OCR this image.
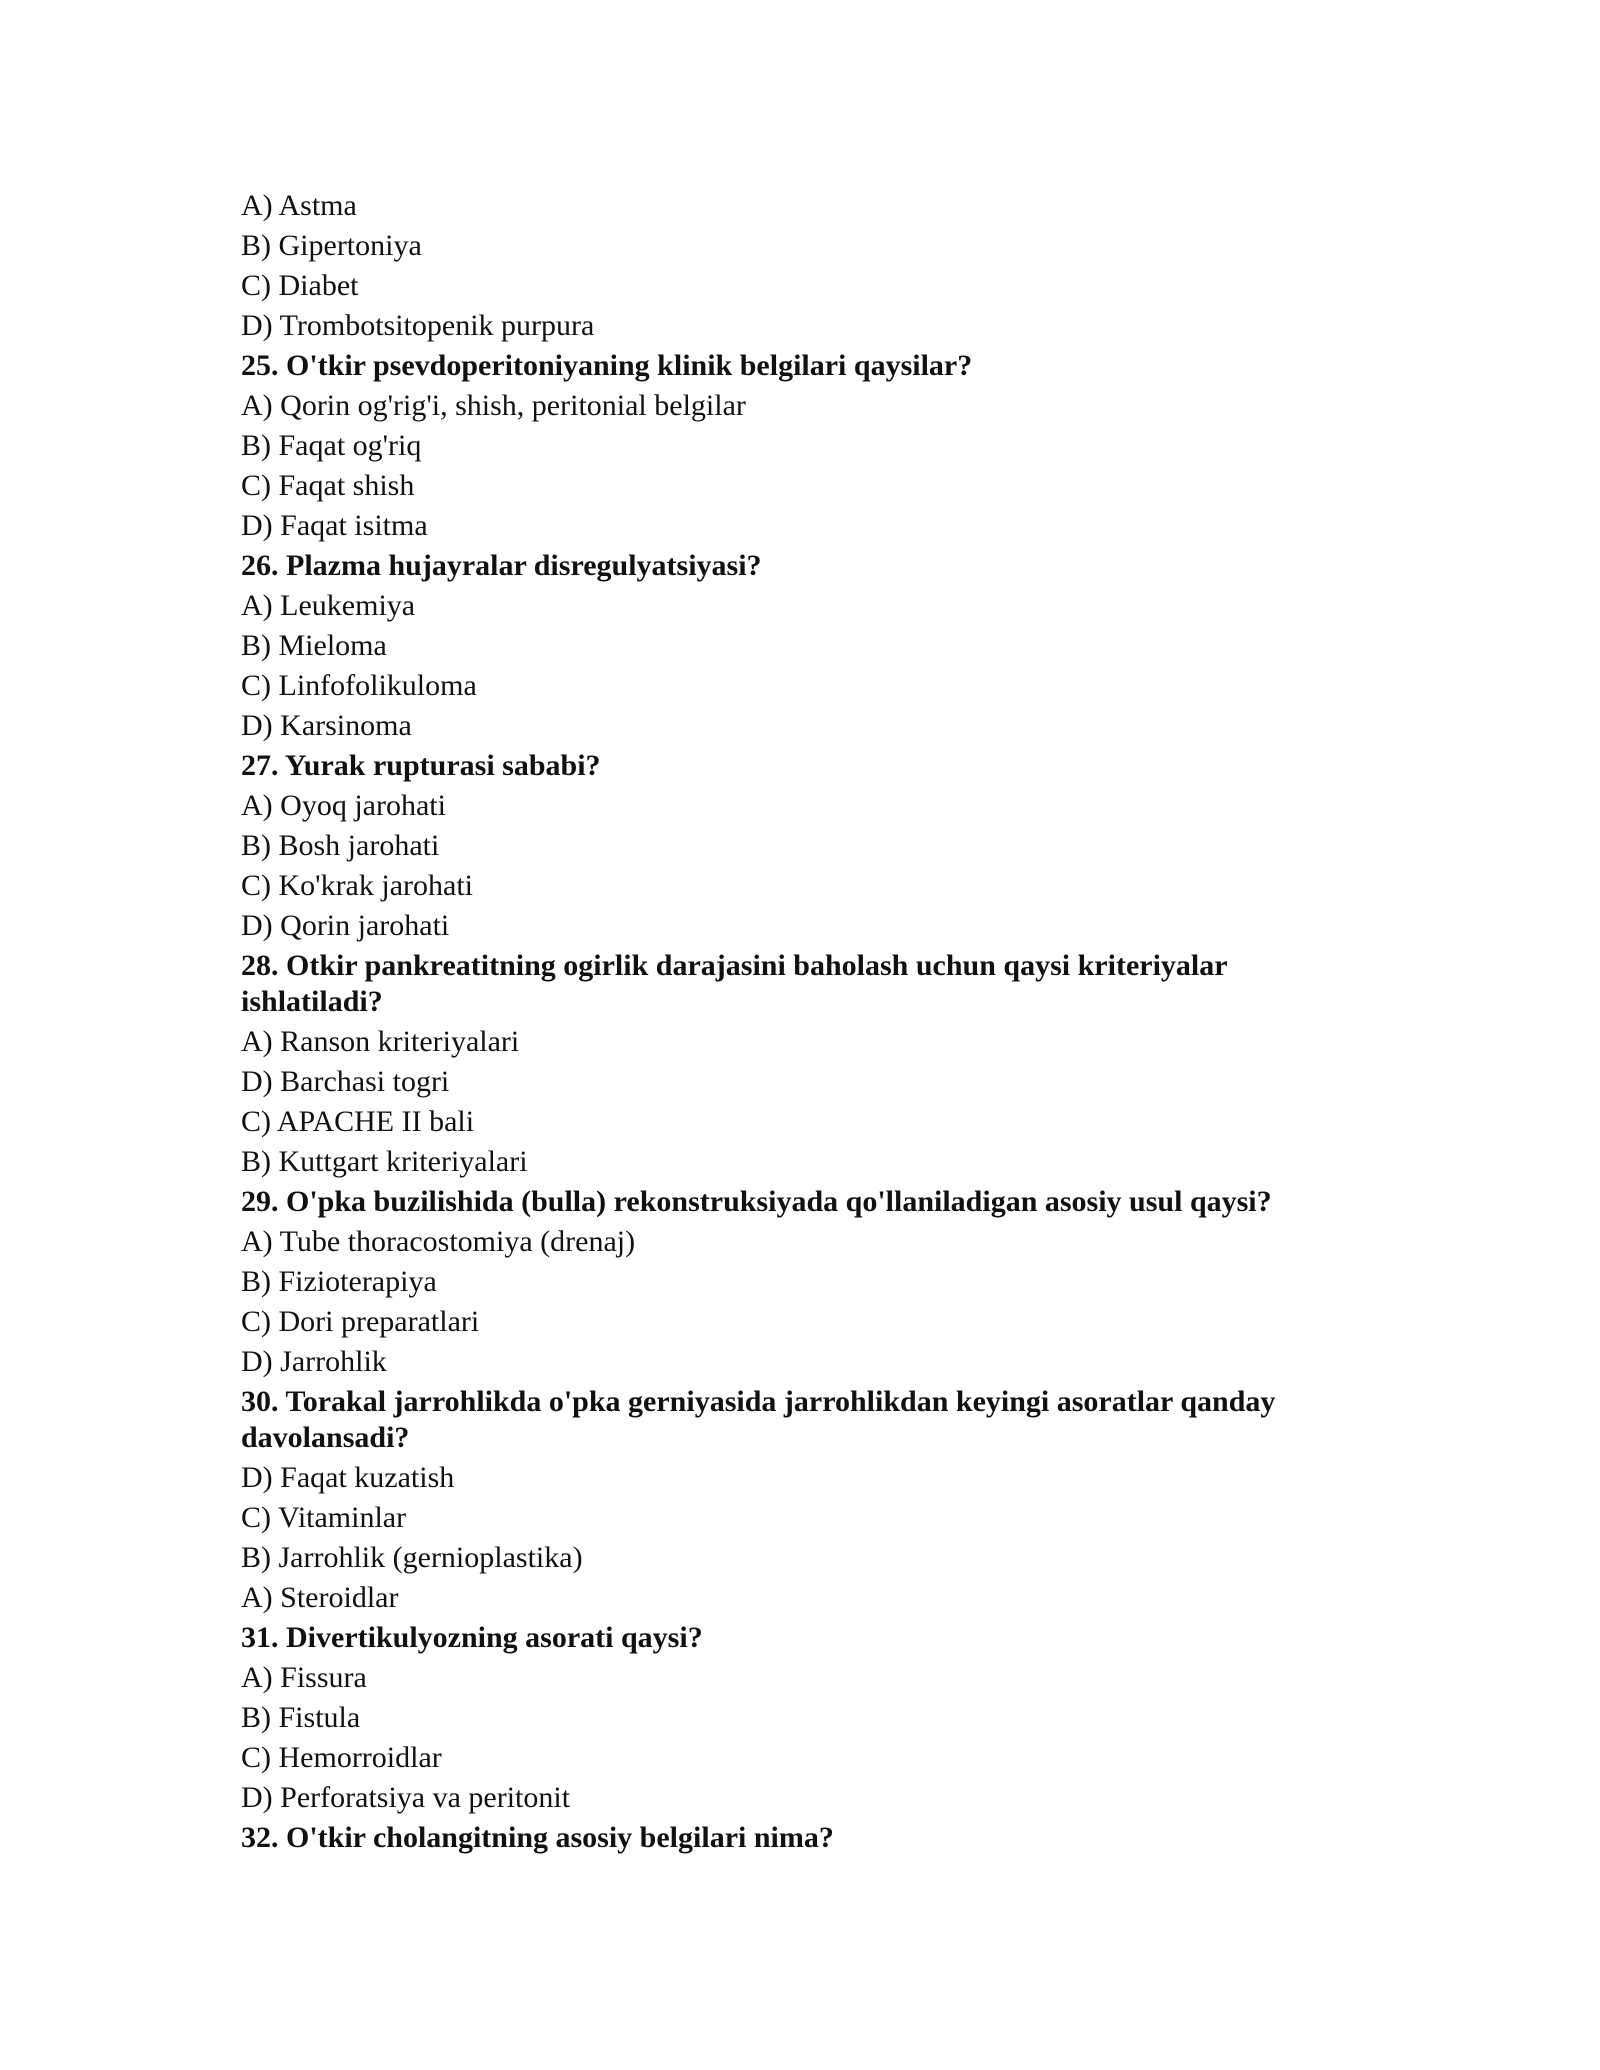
A) Astma

B) Gipertoniya

C) Diabet

D) Trombotsitopenik purpura

25. O'tkir psevdoperitoniyaning klinik belgilari qaysilar?

A) Qorin og'rig'i, shish, peritonial belgilar

B) Faqat og'riq

C) Faqat shish

D) Faqat isitma

26. Plazma hujayralar disregulyatsiyasi?

A) Leukemiya

B) Mieloma

C) Linfofolikuloma

D) Karsinoma

27. Yurak rupturasi sababi?

A) Oyoq jarohati

B) Bosh jarohati

C) Ko'krak jarohati

D) Qorin jarohati

28. Otkir pankreatitning ogirlik darajasini baholash uchun qaysi kriteriyalar ishlatiladi?

A) Ranson kriteriyalari

D) Barchasi togri

C) APACHE II bali

B) Kuttgart kriteriyalari

29. O'pka buzilishida (bulla) rekonstruksiyada qo'llaniladigan asosiy usul qaysi?

A) Tube thoracostomiya (drenaj)

B) Fizioterapiya

C) Dori preparatlari

D) Jarrohlik

30. Torakal jarrohlikda o'pka gerniyasida jarrohlikdan keyingi asoratlar qanday davolansadi?

D) Faqat kuzatish

C) Vitaminlar

B) Jarrohlik (gernioplastika)

A) Steroidlar

31. Divertikulyozning asorati qaysi?

A) Fissura

B) Fistula

C) Hemorroidlar

D) Perforatsiya va peritonit

32. O'tkir cholangitning asosiy belgilari nima?
